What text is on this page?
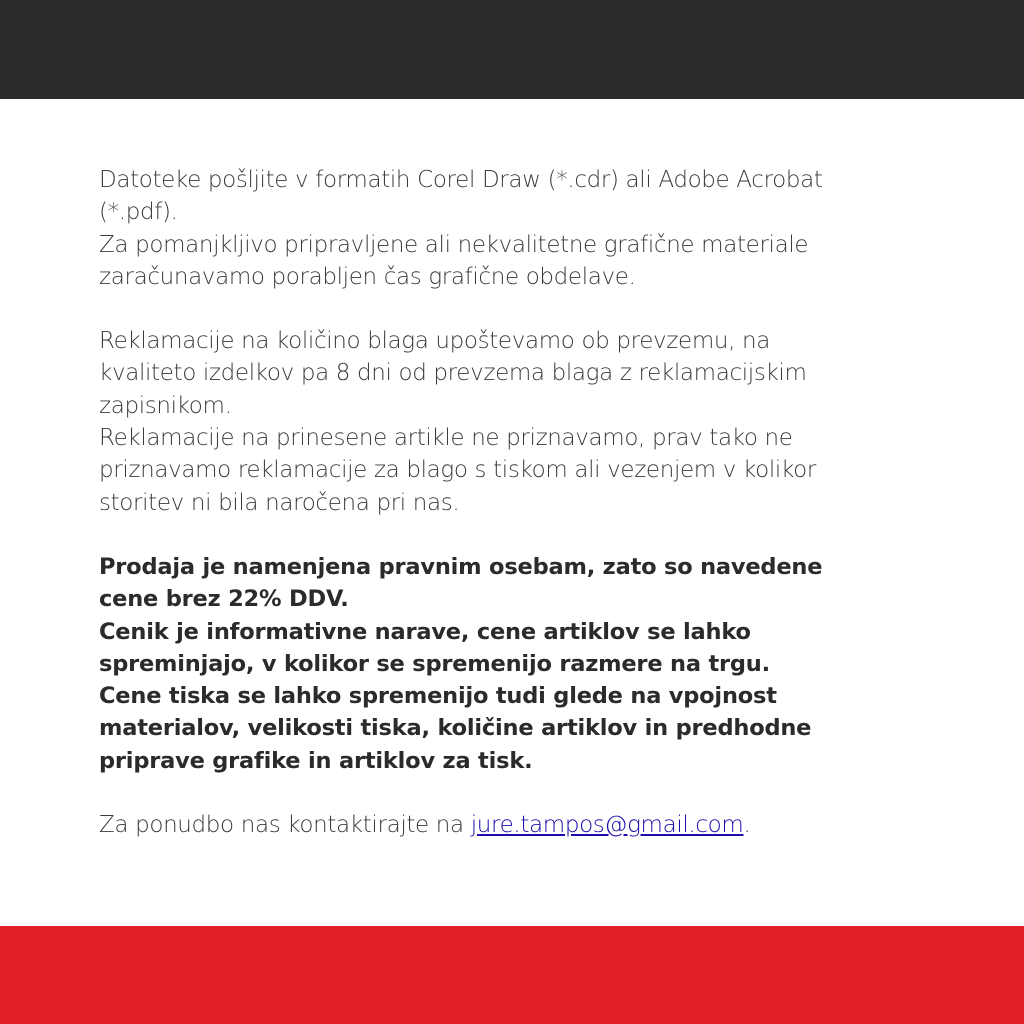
Datoteke pošljite v formatih Corel Draw (*.cdr) ali Adobe Acrobat
(*.pdf).
Za pomanjkljivo pripravljene ali nekvalitetne grafične materiale
zaračunavamo porabljen čas grafične obdelave.

Reklamacije na količino blaga upoštevamo ob prevzemu, na
kvaliteto izdelkov pa 8 dni od prevzema blaga z reklamacijskim
zapisnikom.
Reklamacije na prinesene artikle ne priznavamo, prav tako ne
priznavamo reklamacije za blago s tiskom ali vezenjem v kolikor
storitev ni bila naročena pri nas.

Prodaja je namenjena pravnim osebam, zato so navedene
cene brez 22% DDV.
Cenik je informativne narave, cene artiklov se lahko
spreminjajo, v kolikor se spremenijo razmere na trgu.
Cene tiska se lahko spremenijo tudi glede na vpojnost
materialov, velikosti tiska, količine artiklov in predhodne
priprave grafike in artiklov za tisk.

Za ponudbo nas kontaktirajte na jure.tampos@gmail.com.
